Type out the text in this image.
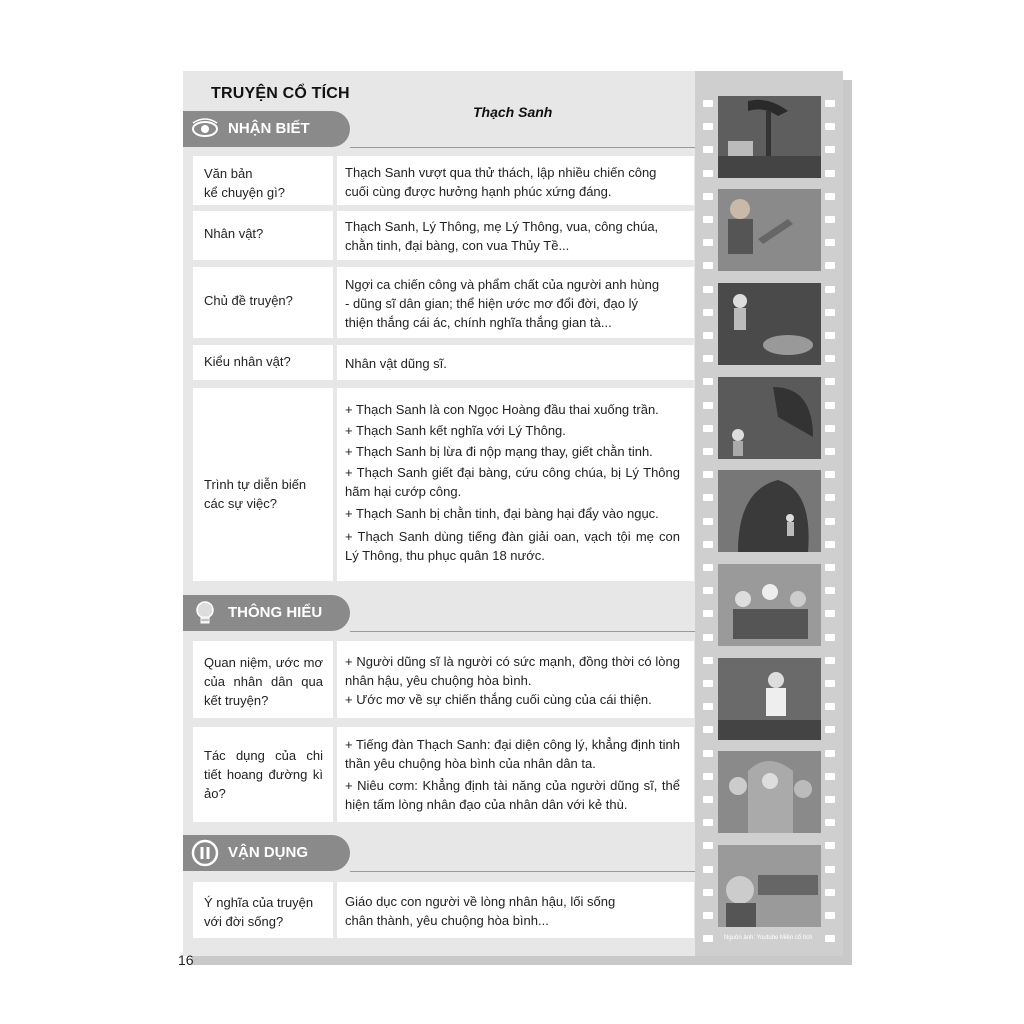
TRUYỆN CỔ TÍCH
Thạch Sanh
NHẬN BIẾT
Văn bản
kể chuyện gì?
Thạch Sanh vượt qua thử thách, lập nhiều chiến công
cuối cùng được hưởng hạnh phúc xứng đáng.
Nhân vật?	Thạch Sanh, Lý Thông, mẹ Lý Thông, vua, công chúa,
chằn tinh, đại bàng, con vua Thủy Tề...
Chủ đề truyện?
Ngợi ca chiến công và phẩm chất của người anh hùng
- dũng sĩ dân gian; thể hiện ước mơ đổi đời, đạo lý
thiện thắng cái ác, chính nghĩa thắng gian tà...
Kiểu nhân vật?	Nhân vật dũng sĩ.
Trình tự diễn biến
các sự việc?
+ Thạch Sanh là con Ngọc Hoàng đầu thai xuống trần.
+ Thạch Sanh kết nghĩa với Lý Thông.
+ Thạch Sanh bị lừa đi nộp mạng thay, giết chằn tinh.
+ Thạch Sanh giết đại bàng, cứu công chúa, bị Lý Thông hãm hại cướp công.
+ Thạch Sanh bị chằn tinh, đại bàng hại đẩy vào ngục.
+ Thạch Sanh dùng tiếng đàn giải oan, vạch tội mẹ con Lý Thông, thu phục quân 18 nước.
THÔNG HIỂU
Quan niệm, ước mơ của nhân dân qua kết truyện?
+ Người dũng sĩ là người có sức mạnh, đồng thời có lòng nhân hậu, yêu chuộng hòa bình.
+ Ước mơ về sự chiến thắng cuối cùng của cái thiện.
Tác dụng của chi tiết hoang đường kì ảo?
+ Tiếng đàn Thạch Sanh: đại diện công lý, khẳng định tinh thần yêu chuộng hòa bình của nhân dân ta.
+ Niêu cơm: Khẳng định tài năng của người dũng sĩ, thể hiện tấm lòng nhân đạo của nhân dân với kẻ thù.
VẬN DỤNG
Ý nghĩa của truyện
với đời sống?
Giáo dục con người về lòng nhân hậu, lối sống
chân thành, yêu chuộng hòa bình...
Nguồn ảnh: Youtube Miền cổ tích
16
